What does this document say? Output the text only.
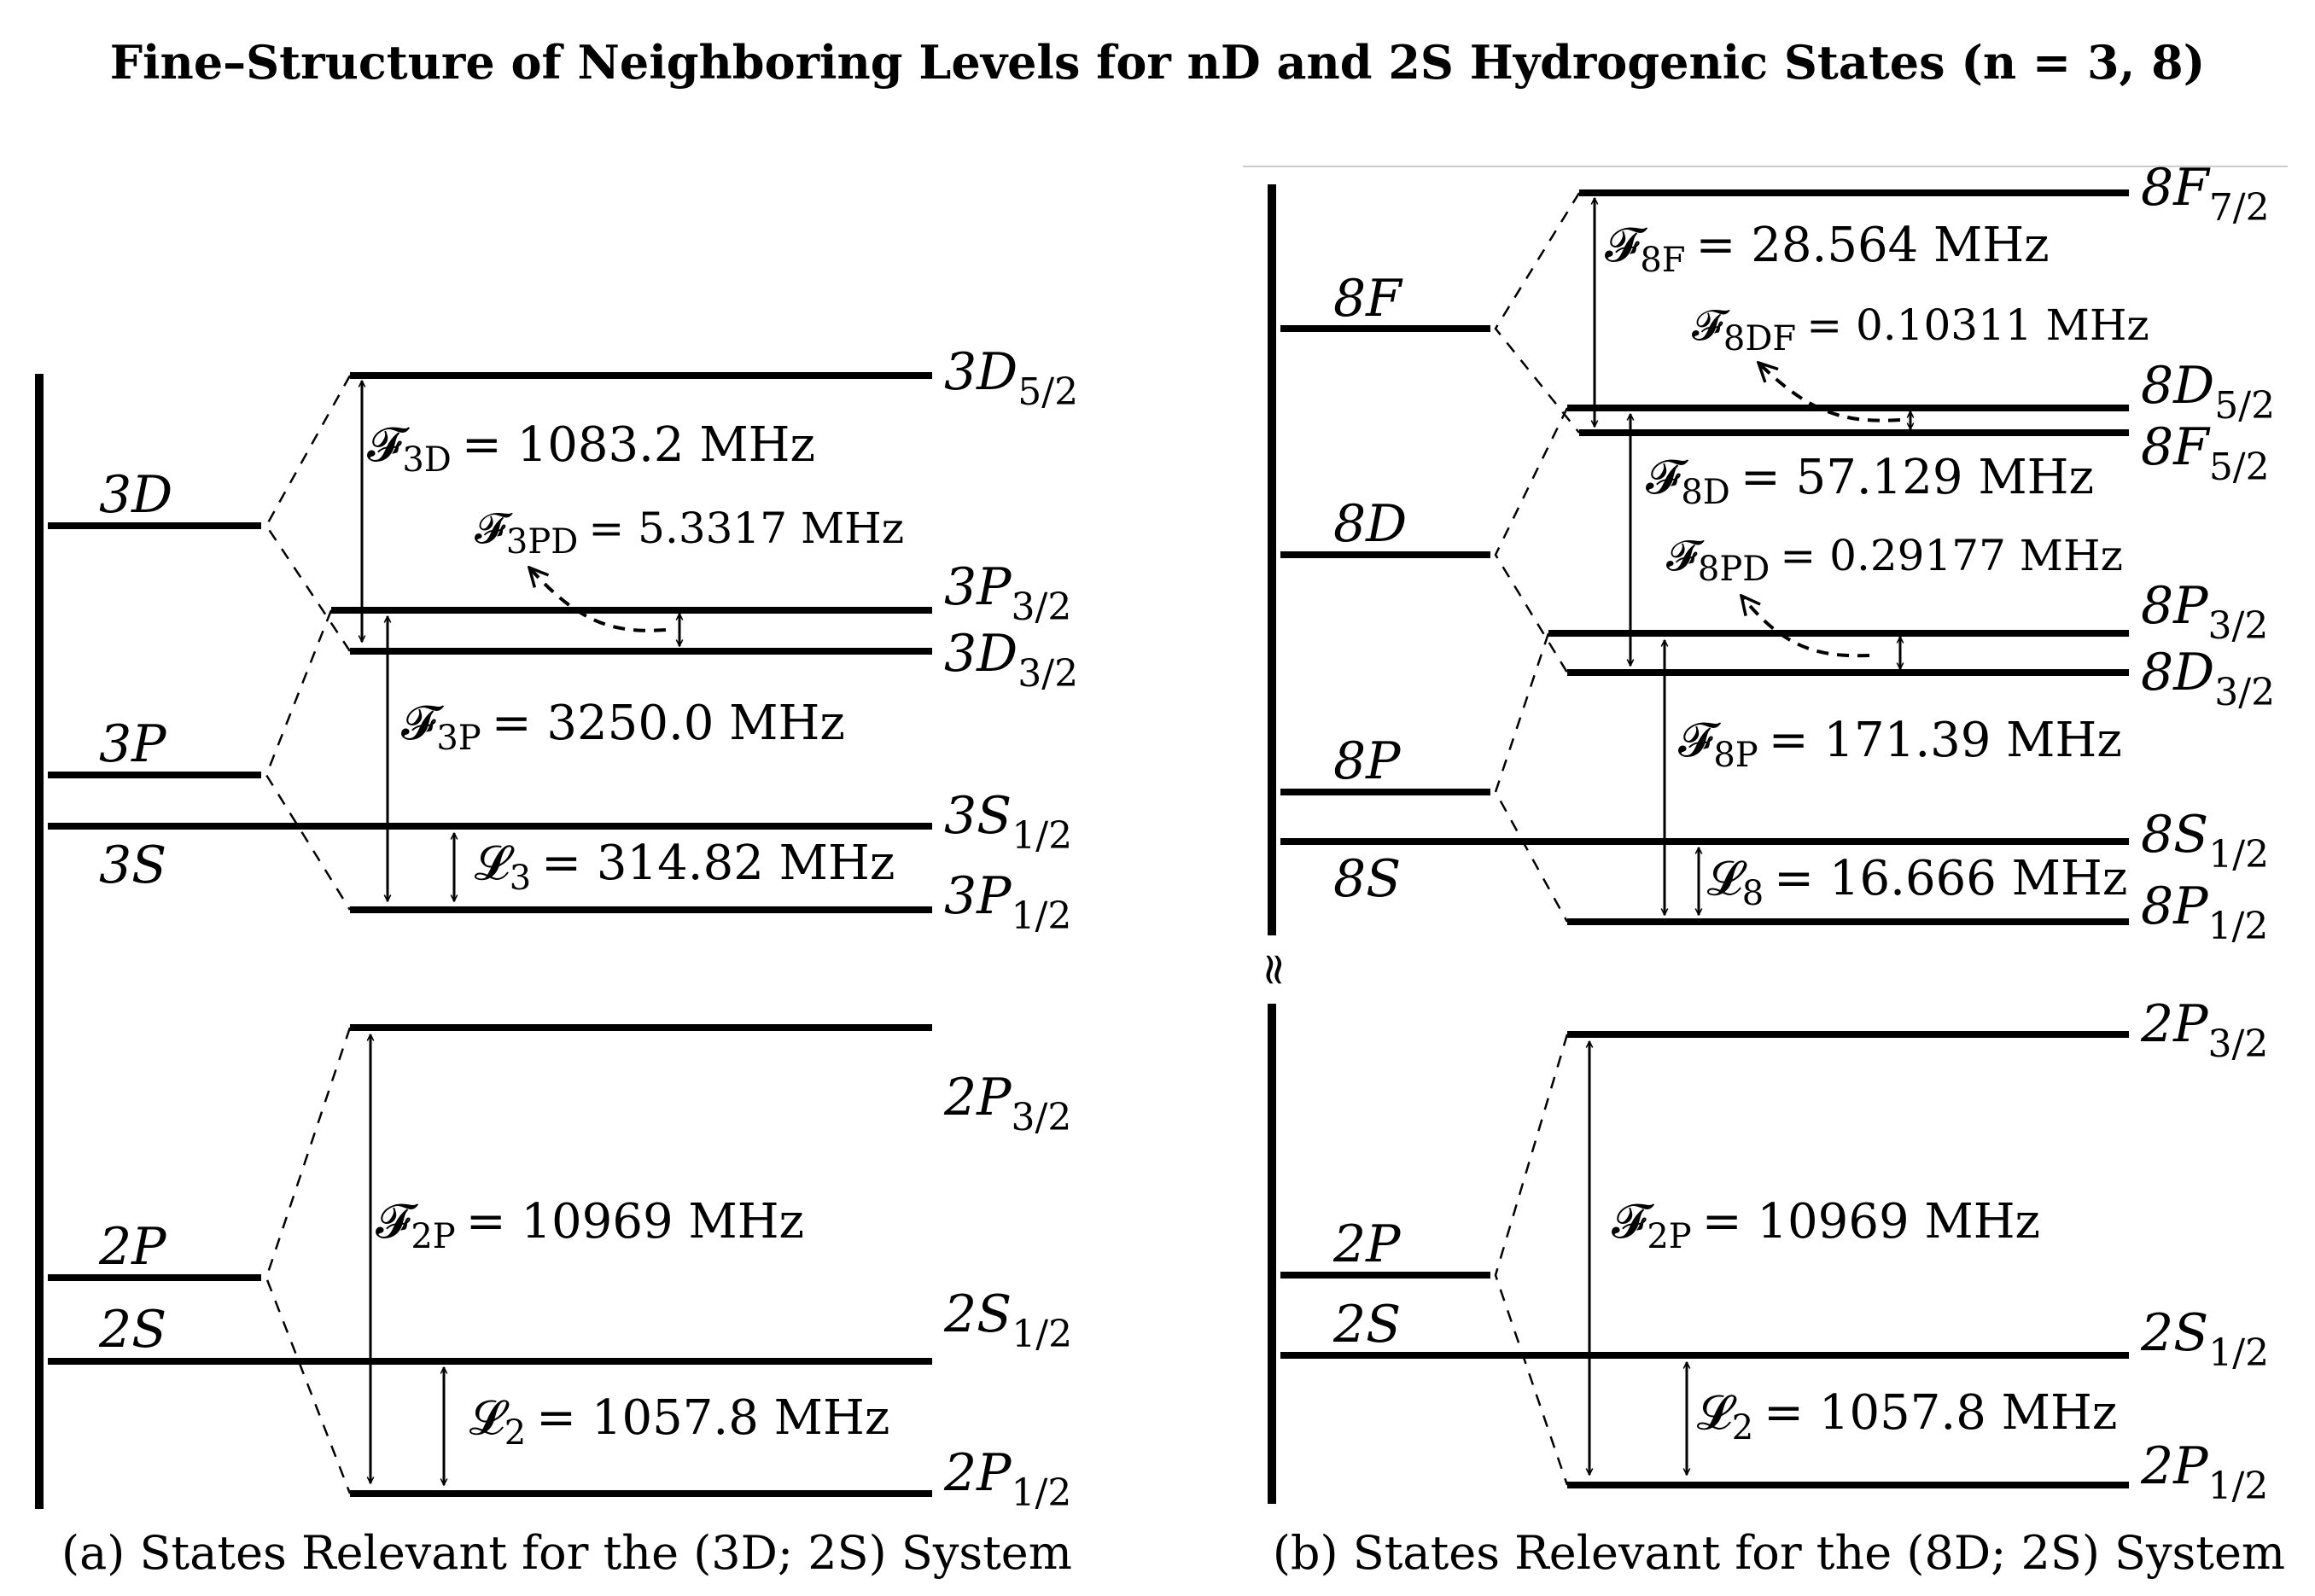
Fine–Structure of Neighboring Levels for nD and 2S Hydrogenic States (n = 3, 8)
3D
3P
3S
2P
2S
3D5/2
3P3/2
3D3/2
3S1/2
3P1/2
2P3/2
2S1/2
2P1/2
𝓕$_{3D}$ = 1083.2 MHz
𝓕$_{3PD}$ = 5.3317 MHz
𝓕$_{3P}$ = 3250.0 MHz
𝓛$_3$ = 314.82 MHz
𝓕$_{2P}$ = 10969 MHz
𝓛$_2$ = 1057.8 MHz
(a) States Relevant for the (3D; 2S) System
≈
8F
8D
8P
8S
2P
2S
8F7/2
8D5/2
8F5/2
8P3/2
8D3/2
8S1/2
8P1/2
2P3/2
2S1/2
2P1/2
𝓕$_{8F}$ = 28.564 MHz
𝓕$_{8DF}$ = 0.10311 MHz
𝓕$_{8D}$ = 57.129 MHz
𝓕$_{8PD}$ = 0.29177 MHz
𝓕$_{8P}$ = 171.39 MHz
𝓛$_8$ = 16.666 MHz
𝓕$_{2P}$ = 10969 MHz
𝓛$_2$ = 1057.8 MHz
(b) States Relevant for the (8D; 2S) System
